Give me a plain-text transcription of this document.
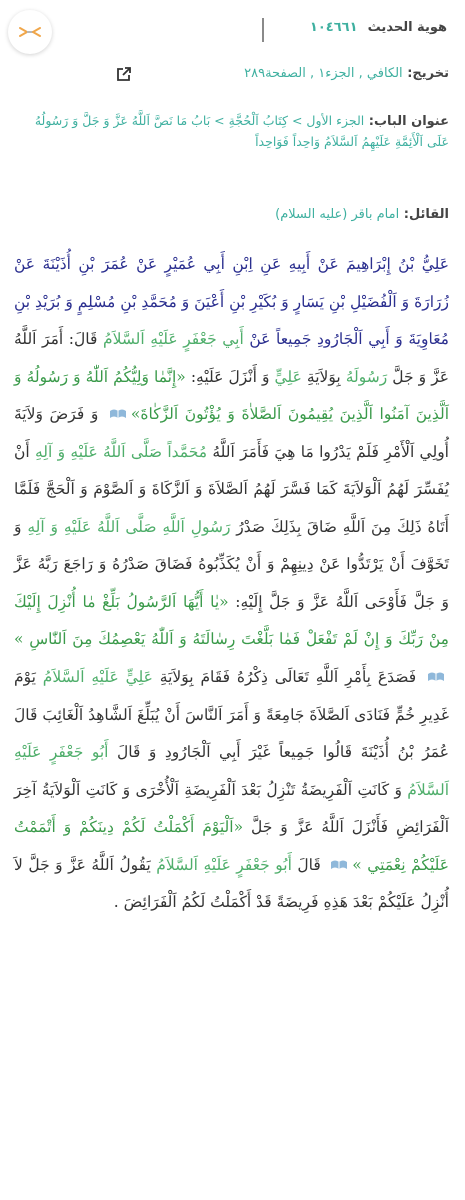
هوية الحديث ١٠٤٦٦١
تخريج: الكافي , الجزء١ , الصفحة٢٨٩
عنوان الباب: الجزء الأول > كِتَابُ اَلْحُجَّةِ > بَابُ مَا نَصَّ اَللَّهُ عَزَّ وَ جَلَّ وَ رَسُولُهُ عَلَى اَلْأَئِمَّةِ عَلَيْهِمُ اَلسَّلاَمُ وَاحِداً فَوَاحِداً
القائل: امام باقر (عليه السلام)
عَلِيُّ بْنُ إِبْرَاهِيمَ عَنْ أَبِيهِ عَنِ اِبْنِ أَبِي عُمَيْرٍ عَنْ عُمَرَ بْنِ أُذَيْنَةَ عَنْ زُرَارَةَ وَ اَلْفُضَيْلِ بْنِ يَسَارٍ وَ بُكَيْرِ بْنِ أَعْيَنَ وَ مُحَمَّدِ بْنِ مُسْلِمٍ وَ بُرَيْدِ بْنِ مُعَاوِيَةَ وَ أَبِي اَلْجَارُودِ جَمِيعاً عَنْ أَبِي جَعْفَرٍ عَلَيْهِ اَلسَّلاَمُ قَالَ: أَمَرَ اَللَّهُ عَزَّ وَ جَلَّ رَسُولَهُ بِوَلاَيَةِ عَلِيٍّ وَ أَنْزَلَ عَلَيْهِ: «إِنَّمٰا وَلِيُّكُمُ اَللّٰهُ وَ رَسُولُهُ وَ اَلَّذِينَ آمَنُوا اَلَّذِينَ يُقِيمُونَ اَلصَّلاٰةَ وَ يُؤْتُونَ اَلزَّكٰاةَ» وَ فَرَضَ وَلاَيَةَ أُولِي اَلْأَمْرِ فَلَمْ يَدْرُوا مَا هِيَ فَأَمَرَ اَللَّهُ مُحَمَّداً صَلَّى اَللَّهُ عَلَيْهِ وَ آلِهِ أَنْ يُفَسِّرَ لَهُمُ اَلْوَلاَيَةَ كَمَا فَسَّرَ لَهُمُ اَلصَّلاَةَ وَ اَلزَّكَاةَ وَ اَلصَّوْمَ وَ اَلْحَجَّ فَلَمَّا أَتَاهُ ذَلِكَ مِنَ اَللَّهِ ضَاقَ بِذَلِكَ صَدْرُ رَسُولِ اَللَّهِ صَلَّى اَللَّهُ عَلَيْهِ وَ آلِهِ وَ تَخَوَّفَ أَنْ يَرْتَدُّوا عَنْ دِينِهِمْ وَ أَنْ يُكَذِّبُوهُ فَضَاقَ صَدْرُهُ وَ رَاجَعَ رَبَّهُ عَزَّ وَ جَلَّ فَأَوْحَى اَللَّهُ عَزَّ وَ جَلَّ إِلَيْهِ: «يٰا أَيُّهَا اَلرَّسُولُ بَلِّغْ مٰا أُنْزِلَ إِلَيْكَ مِنْ رَبِّكَ وَ إِنْ لَمْ تَفْعَلْ فَمٰا بَلَّغْتَ رِسٰالَتَهُ وَ اَللّٰهُ يَعْصِمُكَ مِنَ اَلنّٰاسِ » فَصَدَعَ بِأَمْرِ اَللَّهِ تَعَالَى ذِكْرُهُ فَقَامَ بِوَلاَيَةِ عَلِيٍّ عَلَيْهِ اَلسَّلاَمُ يَوْمَ غَدِيرِ خُمٍّ فَنَادَى اَلصَّلاَةَ جَامِعَةً وَ أَمَرَ اَلنَّاسَ أَنْ يُبَلِّغَ اَلشَّاهِدُ اَلْغَائِبَ قَالَ عُمَرُ بْنُ أُذَيْنَةَ قَالُوا جَمِيعاً غَيْرَ أَبِي اَلْجَارُودِ وَ قَالَ أَبُو جَعْفَرٍ عَلَيْهِ اَلسَّلاَمُ وَ كَانَتِ اَلْفَرِيضَةُ تَنْزِلُ بَعْدَ اَلْفَرِيضَةِ اَلْأُخْرَى وَ كَانَتِ اَلْوَلاَيَةُ آخِرَ اَلْفَرَائِضِ فَأَنْزَلَ اَللَّهُ عَزَّ وَ جَلَّ «اَلْيَوْمَ أَكْمَلْتُ لَكُمْ دِينَكُمْ وَ أَتْمَمْتُ عَلَيْكُمْ نِعْمَتِي » قَالَ أَبُو جَعْفَرٍ عَلَيْهِ اَلسَّلاَمُ يَقُولُ اَللَّهُ عَزَّ وَ جَلَّ لاَ أُنْزِلُ عَلَيْكُمْ بَعْدَ هَذِهِ فَرِيضَةً قَدْ أَكْمَلْتُ لَكُمُ اَلْفَرَائِضَ .
